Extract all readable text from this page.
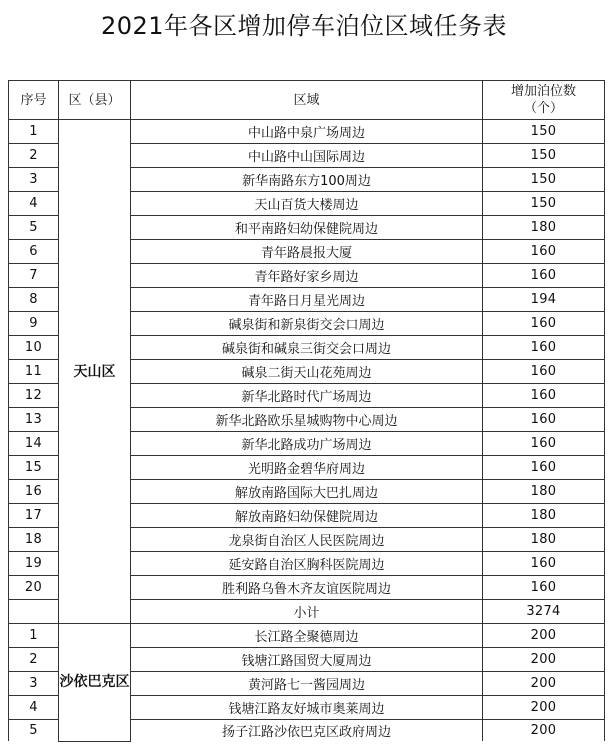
2021年各区增加停车泊位区域任务表
序号	区（县）	区域	增加泊位数
（个）

1	天山区	中山路中泉广场周边	150
2		中山路中山国际周边	150
3		新华南路东方100周边	150
4		天山百货大楼周边	150
5		和平南路妇幼保健院周边	180
6		青年路晨报大厦	160
7		青年路好家乡周边	160
8		青年路日月星光周边	194
9		碱泉街和新泉街交会口周边	160
10		碱泉街和碱泉三街交会口周边	160
11		碱泉二街天山花苑周边	160
12		新华北路时代广场周边	160
13		新华北路欧乐星城购物中心周边	160
14		新华北路成功广场周边	160
15		光明路金碧华府周边	160
16		解放南路国际大巴扎周边	180
17		解放南路妇幼保健院周边	180
18		龙泉街自治区人民医院周边	180
19		延安路自治区胸科医院周边	160
20		胜利路乌鲁木齐友谊医院周边	160
		小计	3274
1	沙依巴克区	长江路全聚德周边	200
2		钱塘江路国贸大厦周边	200
3		黄河路七一酱园周边	200
4		钱塘江路友好城市奥莱周边	200
5		扬子江路沙依巴克区政府周边	200
